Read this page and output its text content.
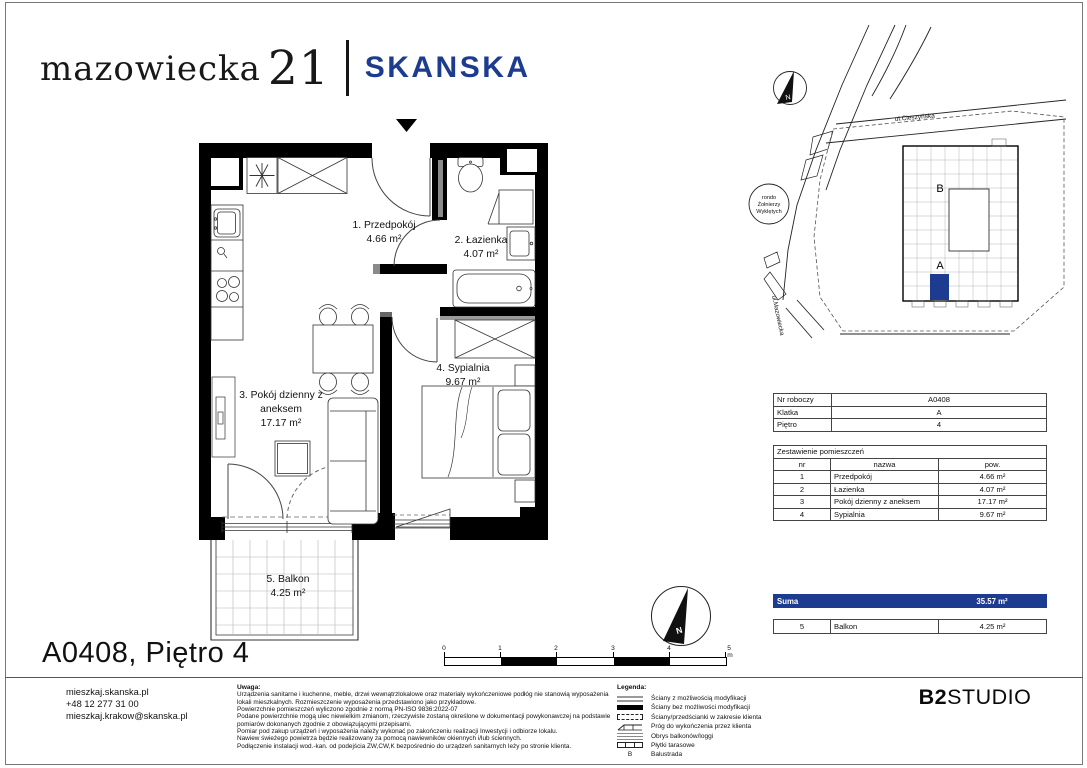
mazowiecka 21 SKANSKA
1. Przedpokój
4.66 m²	2. Łazienka
4.07 m²
3. Pokój dzienny z
aneksem
17.17 m²
4. Sypialnia
9.67 m²
5. Balkon
4.25 m²
N
rondo
Żołnierzy
Wyklętych
ul.Cieszyńska
ul.Mazowiecka
B
A
Nr roboczy	A0408
Klatka	A
Piętro	4
Zestawienie pomieszczeń
nr	nazwa	pow.
1	Przedpokój	4.66 m²
2	Łazienka	4.07 m²
3	Pokój dzienny z aneksem	17.17 m²
4	Sypialnia	9.67 m²
Suma	35.57 m²
5	Balkon	4.25 m²
N
0	1	2	3	4	5 m
A0408, Piętro 4
mieszkaj.skanska.pl
+48 12 277 31 00
mieszkaj.krakow@skanska.pl
Uwaga:
Urządzenia sanitarne i kuchenne, meble, drzwi wewnątrzlokalowe oraz materiały wykończeniowe podłóg nie stanowią wyposażenia lokali mieszkalnych. Rozmieszczenie wyposażenia przedstawiono jako przykładowe.
Powierzchnie pomieszczeń wyliczono zgodnie z normą PN-ISO 9836:2022-07
Podane powierzchnie mogą ulec niewielkim zmianom, rzeczywiste zostaną określone w dokumentacji powykonawczej na podstawie pomiarów dokonanych zgodnie z obowiązującymi przepisami.
Pomiar pod zakup urządzeń i wyposażenia należy wykonać po zakończeniu realizacji Inwestycji i odbiorze lokalu.
Nawiew świeżego powietrza będzie realizowany za pomocą nawiewników okiennych i/lub ściennych.
Podłączenie instalacji wod.-kan. od podejścia ZW,CW,K bezpośrednio do urządzeń sanitarnych leży po stronie klienta.
Legenda:
Ściany z możliwością modyfikacji
Ściany bez możliwości modyfikacji
Ściany/przedścianki w zakresie klienta
Próg do wykończenia przez klienta
Obrys balkonów/loggi
Płytki tarasowe
B	Balustrada
B2STUDIO
